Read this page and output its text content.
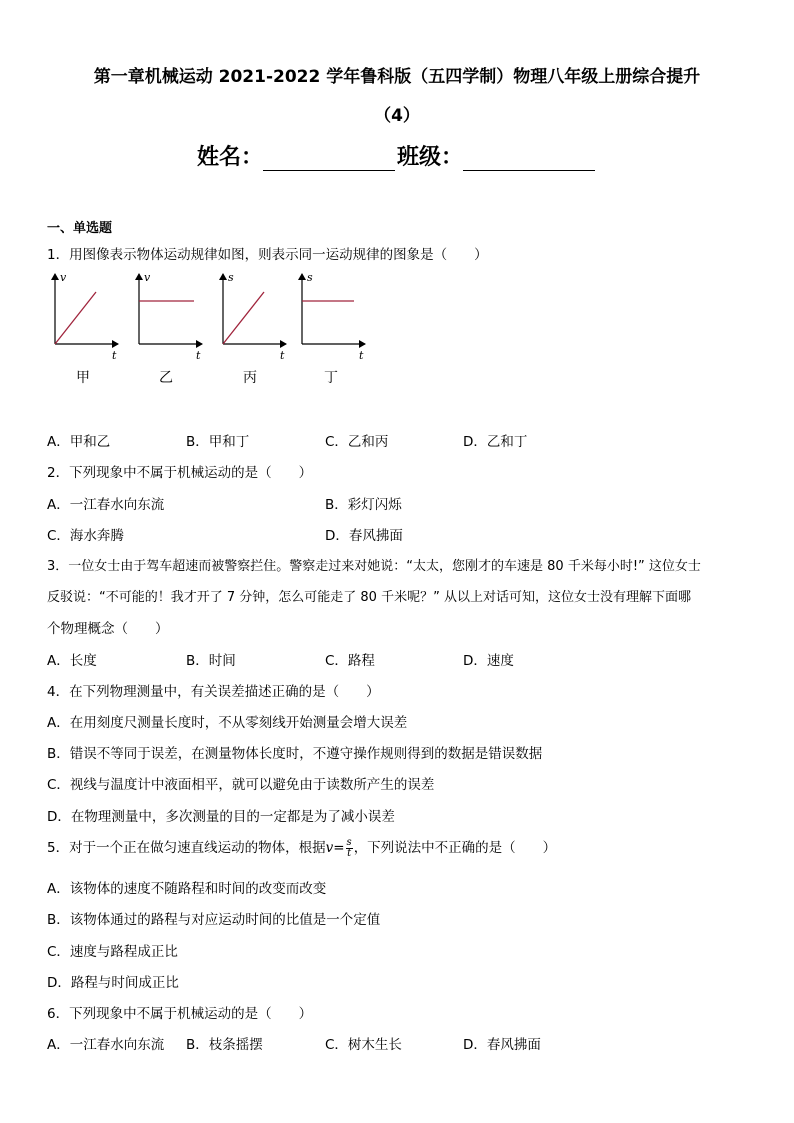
第一章机械运动 2021-2022 学年鲁科版（五四学制）物理八年级上册综合提升
（4）
姓名：	班级：
一、单选题
1．用图像表示物体运动规律如图，则表示同一运动规律的图象是（　　）
v
t
v
t
s
t
s
t
甲	乙	丙	丁
A．甲和乙	B．甲和丁	C．乙和丙	D．乙和丁
2．下列现象中不属于机械运动的是（　　）
A．一江春水向东流	B．彩灯闪烁
C．海水奔腾	D．春风拂面
3．一位女士由于驾车超速而被警察拦住。警察走过来对她说：“太太，您刚才的车速是 80 千米每小时!” 这位女士
反驳说：“不可能的！我才开了 7 分钟，怎么可能走了 80 千米呢？” 从以上对话可知，这位女士没有理解下面哪
个物理概念（　　）
A．长度	B．时间	C．路程	D．速度
4．在下列物理测量中，有关误差描述正确的是（　　）
A．在用刻度尺测量长度时，不从零刻线开始测量会增大误差
B．错误不等同于误差，在测量物体长度时，不遵守操作规则得到的数据是错误数据
C．视线与温度计中液面相平，就可以避免由于读数所产生的误差
D．在物理测量中，多次测量的目的一定都是为了减小误差
5．对于一个正在做匀速直线运动的物体，根据$v= \frac{s}{t}$ ，下列说法中不正确的是（　　）
A．该物体的速度不随路程和时间的改变而改变
B．该物体通过的路程与对应运动时间的比值是一个定值
C．速度与路程成正比
D．路程与时间成正比
6．下列现象中不属于机械运动的是（　　）
A．一江春水向东流 B．枝条摇摆	C．树木生长	D．春风拂面
